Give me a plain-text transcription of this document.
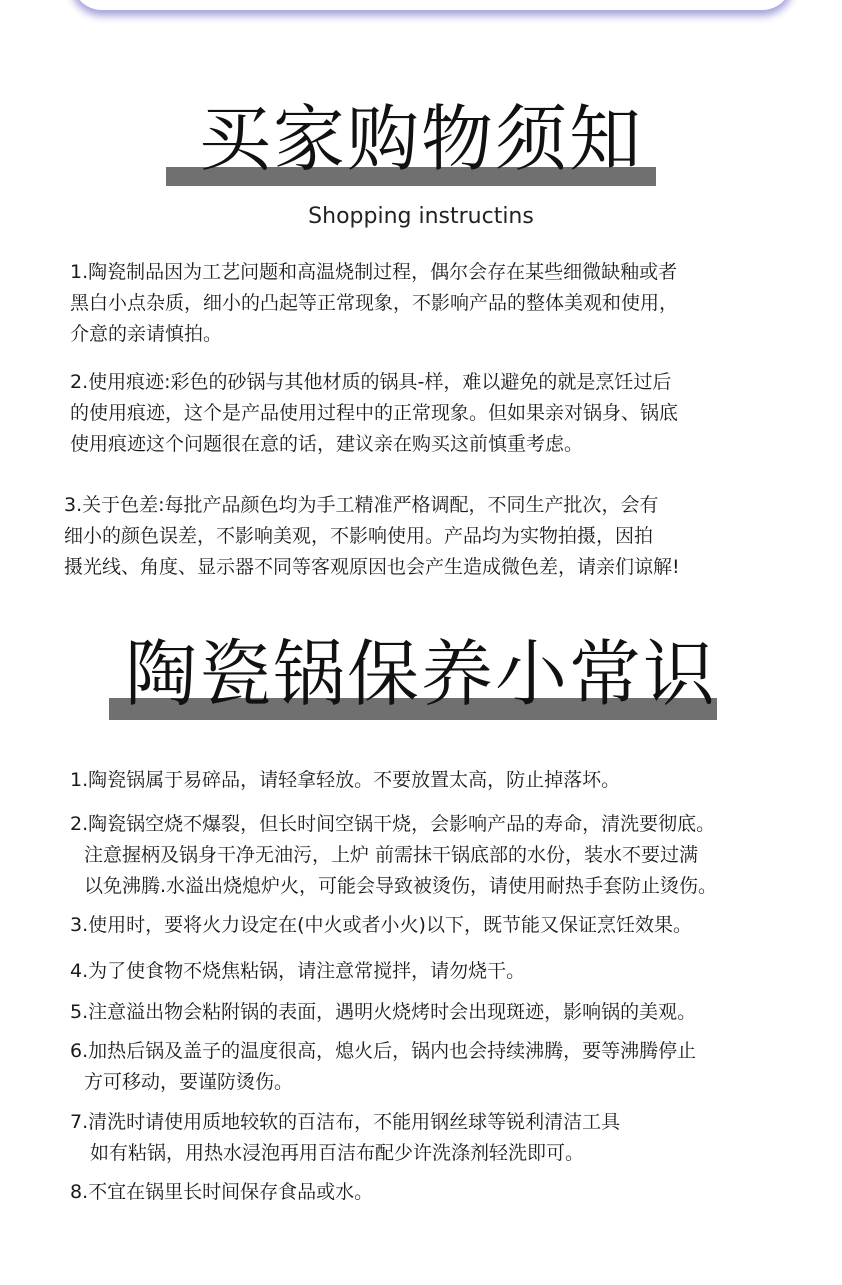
买家购物须知
Shopping instructins
1.陶瓷制品因为工艺问题和高温烧制过程，偶尔会存在某些细微缺釉或者
黑白小点杂质，细小的凸起等正常现象，不影响产品的整体美观和使用，
介意的亲请慎拍。
2.使用痕迹:彩色的砂锅与其他材质的锅具-样，难以避免的就是烹饪过后
的使用痕迹，这个是产品使用过程中的正常现象。但如果亲对锅身、锅底
使用痕迹这个问题很在意的话，建议亲在购买这前慎重考虑。
3.关于色差:每批产品颜色均为手工精准严格调配，不同生产批次，会有
细小的颜色误差，不影响美观，不影响使用。产品均为实物拍摄，因拍
摄光线、角度、显示器不同等客观原因也会产生造成微色差，请亲们谅解!
陶瓷锅保养小常识
1.陶瓷锅属于易碎品，请轻拿轻放。不要放置太高，防止掉落坏。
2.陶瓷锅空烧不爆裂，但长时间空锅干烧，会影响产品的寿命，清洗要彻底。
注意握柄及锅身干净无油污，上炉 前需抹干锅底部的水份，装水不要过满
以免沸腾.水溢出烧熄炉火，可能会导致被烫伤，请使用耐热手套防止烫伤。
3.使用时，要将火力设定在(中火或者小火)以下，既节能又保证烹饪效果。
4.为了使食物不烧焦粘锅，请注意常搅拌，请勿烧干。
5.注意溢出物会粘附锅的表面，遇明火烧烤时会出现斑迹，影响锅的美观。
6.加热后锅及盖子的温度很高，熄火后，锅内也会持续沸腾，要等沸腾停止
方可移动，要谨防烫伤。
7.清洗时请使用质地较软的百洁布，不能用钢丝球等锐利清洁工具
如有粘锅，用热水浸泡再用百洁布配少许洗涤剂轻洗即可。
8.不宜在锅里长时间保存食品或水。
